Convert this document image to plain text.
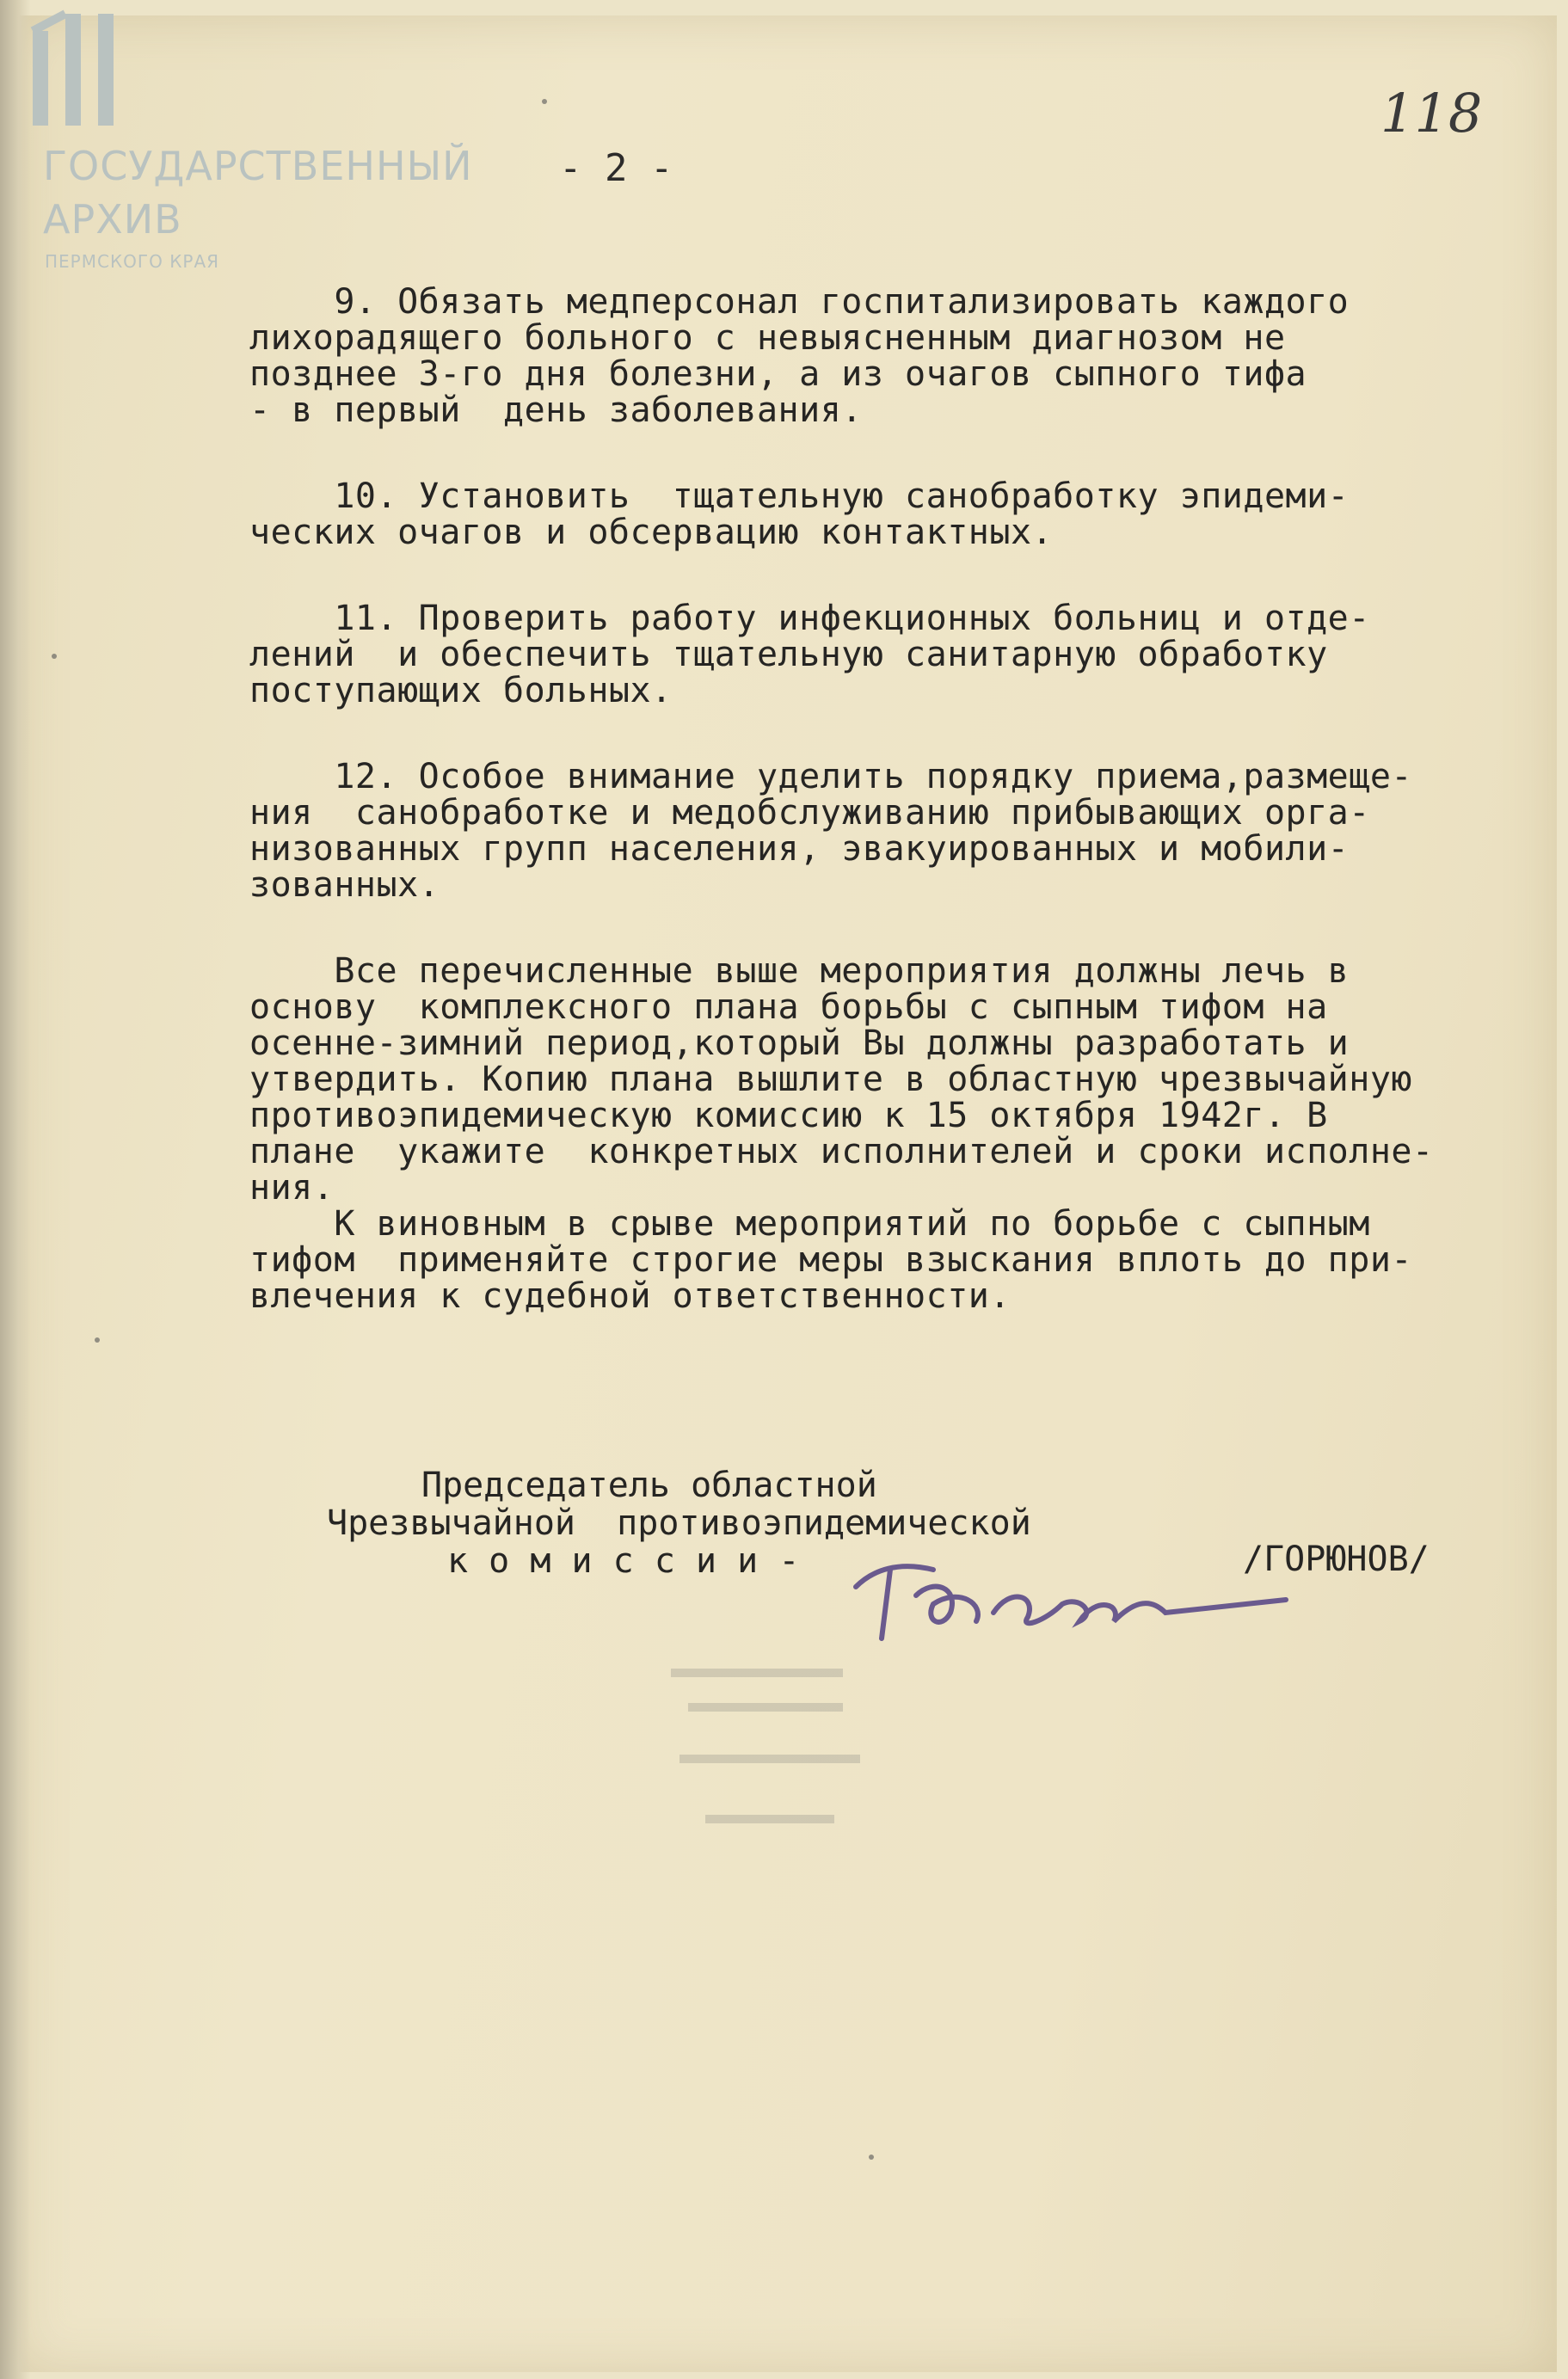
ГОСУДАРСТВЕННЫЙ
АРХИВ
ПЕРМСКОГО КРАЯ
- 2 -
118
9. Обязать медперсонал госпитализировать каждого
лихорадящего больного с невыясненным диагнозом не
позднее 3-го дня болезни, а из очагов сыпного тифа
- в первый  день заболевания.
10. Установить  тщательную санобработку эпидеми-
ческих очагов и обсервацию контактных.
11. Проверить работу инфекционных больниц и отде-
лений  и обеспечить тщательную санитарную обработку
поступающих больных.
12. Особое внимание уделить порядку приема,размеще-
ния  санобработке и медобслуживанию прибывающих орга-
низованных групп населения, эвакуированных и мобили-
зованных.
Все перечисленные выше мероприятия должны лечь в
основу  комплексного плана борьбы с сыпным тифом на
осенне-зимний период,который Вы должны разработать и
утвердить. Копию плана вышлите в областную чрезвычайную
противоэпидемическую комиссию к 15 октября 1942г. В
плане  укажите  конкретных исполнителей и сроки исполне-
ния.
К виновным в срыве мероприятий по борьбе с сыпным
тифом  применяйте строгие меры взыскания вплоть до при-
влечения к судебной ответственности.
Председатель областной
Чрезвычайной  противоэпидемической
к о м и с с и и -	/ГОРЮНОВ/
